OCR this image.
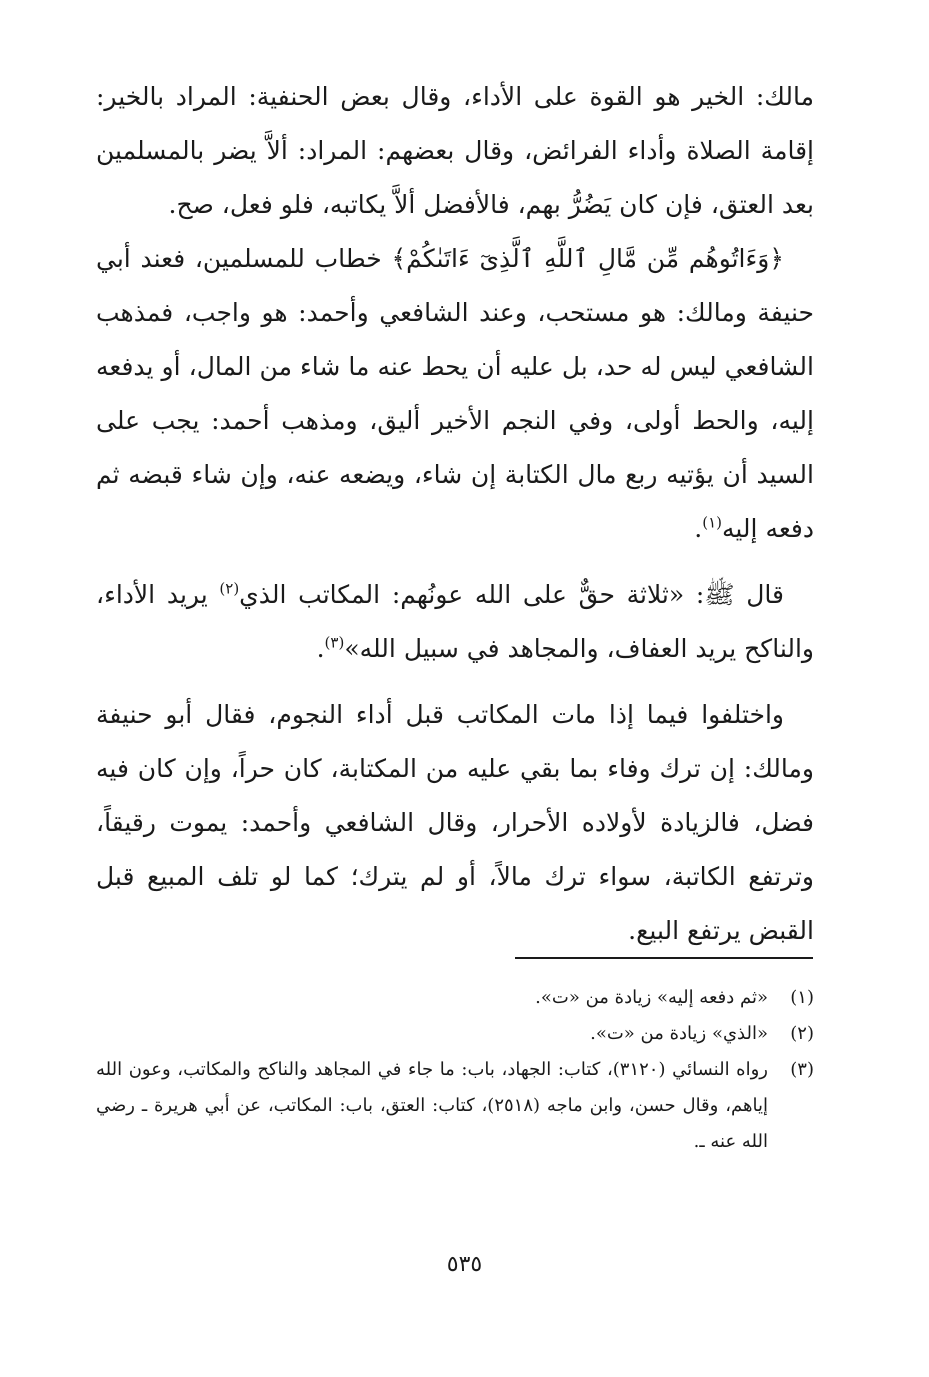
مالك: الخير هو القوة على الأداء، وقال بعض الحنفية: المراد بالخير: إقامة الصلاة وأداء الفرائض، وقال بعضهم: المراد: ألاَّ يضر بالمسلمين بعد العتق، فإن كان يَضُرُّ بهم، فالأفضل ألاَّ يكاتبه، فلو فعل، صح.

﴿وَءَاتُوهُم مِّن مَّالِ ٱللَّهِ ٱلَّذِىٓ ءَاتَىٰكُمْ﴾ خطاب للمسلمين، فعند أبي حنيفة ومالك: هو مستحب، وعند الشافعي وأحمد: هو واجب، فمذهب الشافعي ليس له حد، بل عليه أن يحط عنه ما شاء من المال، أو يدفعه إليه، والحط أولى، وفي النجم الأخير أليق، ومذهب أحمد: يجب على السيد أن يؤتيه ربع مال الكتابة إن شاء، ويضعه عنه، وإن شاء قبضه ثم دفعه إليه$^{(١)}$.

قال ﷺ: «ثلاثة حقٌّ على الله عونُهم: المكاتب الذي$^{(٢)}$ يريد الأداء، والناكح يريد العفاف، والمجاهد في سبيل الله»$^{(٣)}$.

واختلفوا فيما إذا مات المكاتب قبل أداء النجوم، فقال أبو حنيفة ومالك: إن ترك وفاء بما بقي عليه من المكتابة، كان حراً، وإن كان فيه فضل، فالزيادة لأولاده الأحرار، وقال الشافعي وأحمد: يموت رقيقاً، وترتفع الكاتبة، سواء ترك مالاً، أو لم يترك؛ كما لو تلف المبيع قبل القبض يرتفع البيع.

(١)
«ثم دفعه إليه» زيادة من «ت».
(٢)
«الذي» زيادة من «ت».
(٣)
رواه النسائي (٣١٢٠)، كتاب: الجهاد، باب: ما جاء في المجاهد والناكح والمكاتب، وعون الله إياهم، وقال حسن، وابن ماجه (٢٥١٨)، كتاب: العتق، باب: المكاتب، عن أبي هريرة ـ رضي الله عنه ـ.
٥٣٥
